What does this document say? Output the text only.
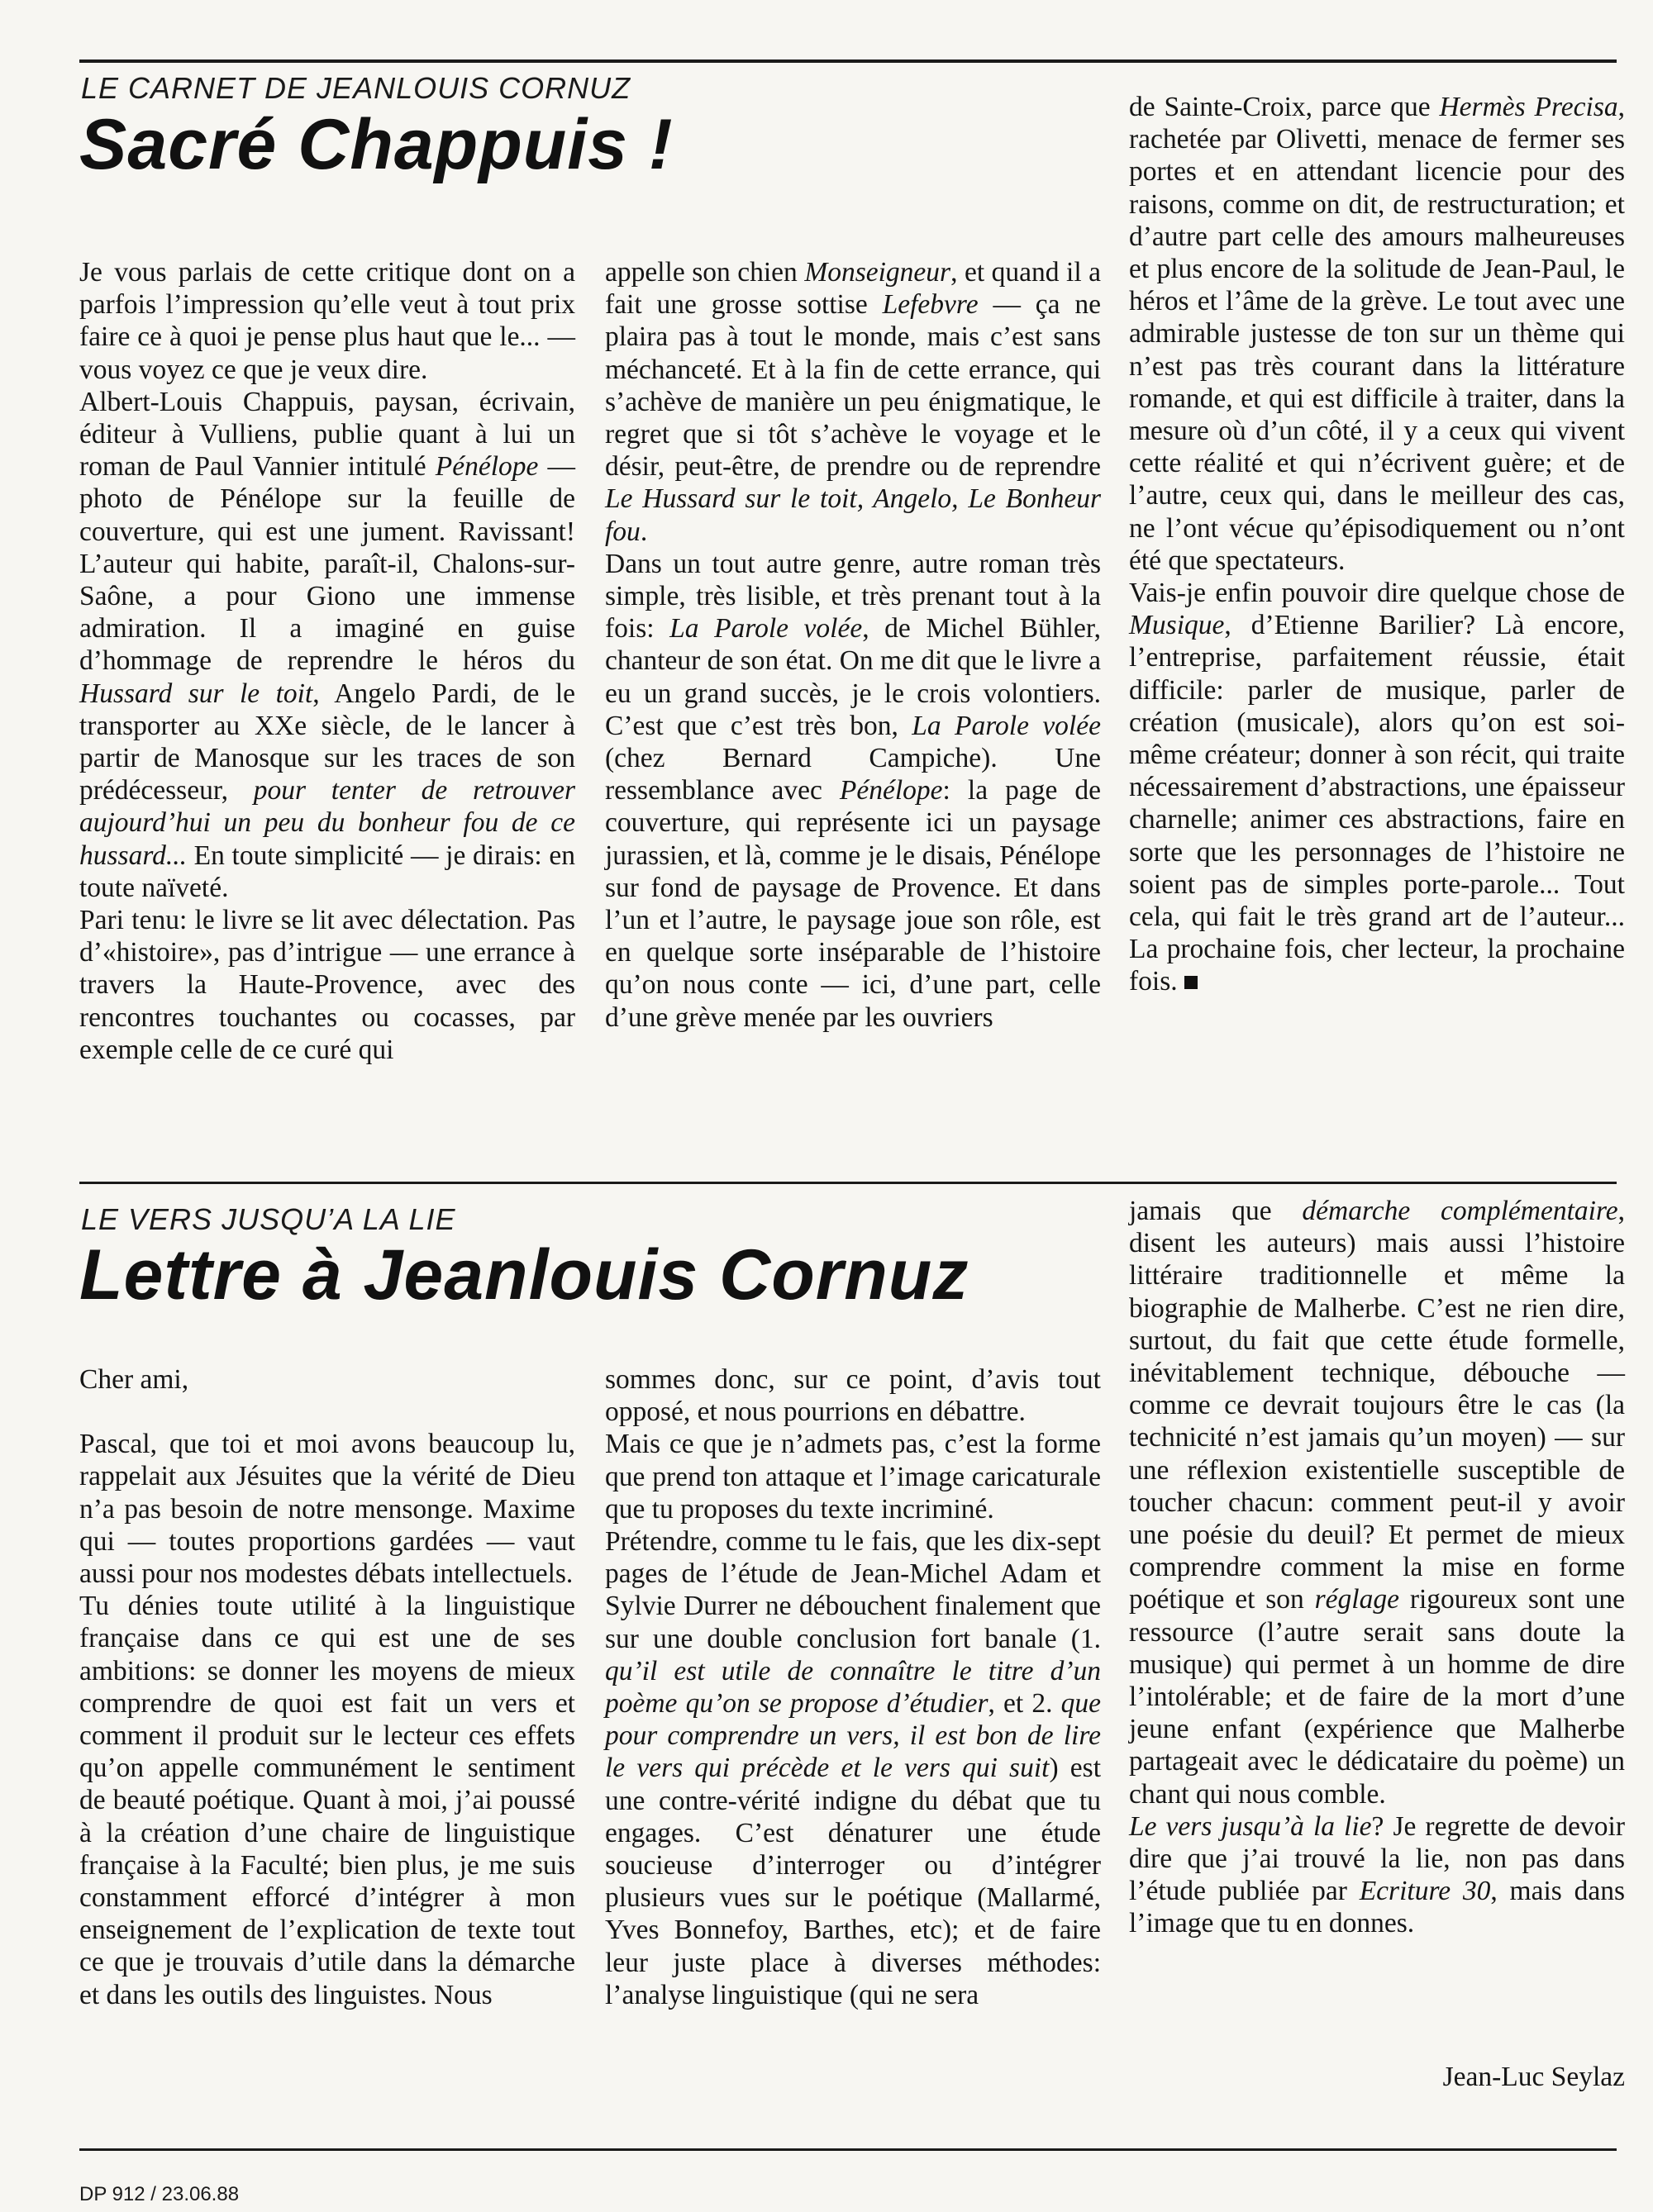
LE CARNET DE JEANLOUIS CORNUZ
Sacré Chappuis !

Je vous parlais de cette critique dont on a parfois l’impression qu’elle veut à tout prix faire ce à quoi je pense plus haut que le... — vous voyez ce que je veux dire.

Albert-Louis Chappuis, paysan, écrivain, éditeur à Vulliens, publie quant à lui un roman de Paul Vannier intitulé Pénélope — photo de Pénélope sur la feuille de couverture, qui est une jument. Ravissant! L’auteur qui habite, paraît-il, Chalons-sur-Saône, a pour Giono une immense admiration. Il a imaginé en guise d’hommage de reprendre le héros du Hussard sur le toit, Angelo Pardi, de le transporter au XXe siècle, de le lancer à partir de Manosque sur les traces de son prédécesseur, pour tenter de retrouver aujourd’hui un peu du bonheur fou de ce hussard... En toute simplicité — je dirais: en toute naïveté.

Pari tenu: le livre se lit avec délectation. Pas d’«histoire», pas d’intrigue — une errance à travers la Haute-Provence, avec des rencontres touchantes ou cocasses, par exemple celle de ce curé qui

appelle son chien Monseigneur, et quand il a fait une grosse sottise Lefebvre — ça ne plaira pas à tout le monde, mais c’est sans méchanceté. Et à la fin de cette errance, qui s’achève de manière un peu énigmatique, le regret que si tôt s’achève le voyage et le désir, peut-être, de prendre ou de reprendre Le Hussard sur le toit, Angelo, Le Bonheur fou.

Dans un tout autre genre, autre roman très simple, très lisible, et très prenant tout à la fois: La Parole volée, de Michel Bühler, chanteur de son état. On me dit que le livre a eu un grand succès, je le crois volontiers. C’est que c’est très bon, La Parole volée (chez Bernard Campiche). Une ressemblance avec Pénélope: la page de couverture, qui représente ici un paysage jurassien, et là, comme je le disais, Pénélope sur fond de paysage de Provence. Et dans l’un et l’autre, le paysage joue son rôle, est en quelque sorte inséparable de l’histoire qu’on nous conte — ici, d’une part, celle d’une grève menée par les ouvriers

de Sainte-Croix, parce que Hermès Precisa, rachetée par Olivetti, menace de fermer ses portes et en attendant licencie pour des raisons, comme on dit, de restructuration; et d’autre part celle des amours malheureuses et plus encore de la solitude de Jean-Paul, le héros et l’âme de la grève. Le tout avec une admirable justesse de ton sur un thème qui n’est pas très courant dans la littérature romande, et qui est difficile à traiter, dans la mesure où d’un côté, il y a ceux qui vivent cette réalité et qui n’écrivent guère; et de l’autre, ceux qui, dans le meilleur des cas, ne l’ont vécue qu’épisodiquement ou n’ont été que spectateurs.

Vais-je enfin pouvoir dire quelque chose de Musique, d’Etienne Barilier? Là encore, l’entreprise, parfaitement réussie, était difficile: parler de musique, parler de création (musicale), alors qu’on est soi-même créateur; donner à son récit, qui traite nécessairement d’abstractions, une épaisseur charnelle; animer ces abstractions, faire en sorte que les personnages de l’histoire ne soient pas de simples porte-parole... Tout cela, qui fait le très grand art de l’auteur... La prochaine fois, cher lecteur, la prochaine fois.

LE VERS JUSQU’A LA LIE
Lettre à Jeanlouis Cornuz

Cher ami,

Pascal, que toi et moi avons beaucoup lu, rappelait aux Jésuites que la vérité de Dieu n’a pas besoin de notre mensonge. Maxime qui — toutes proportions gardées — vaut aussi pour nos modestes débats intellectuels.

Tu dénies toute utilité à la linguistique française dans ce qui est une de ses ambitions: se donner les moyens de mieux comprendre de quoi est fait un vers et comment il produit sur le lecteur ces effets qu’on appelle communément le sentiment de beauté poétique. Quant à moi, j’ai poussé à la création d’une chaire de linguistique française à la Faculté; bien plus, je me suis constamment efforcé d’intégrer à mon enseignement de l’explication de texte tout ce que je trouvais d’utile dans la démarche et dans les outils des linguistes. Nous

sommes donc, sur ce point, d’avis tout opposé, et nous pourrions en débattre.

Mais ce que je n’admets pas, c’est la forme que prend ton attaque et l’image caricaturale que tu proposes du texte incriminé.

Prétendre, comme tu le fais, que les dix-sept pages de l’étude de Jean-Michel Adam et Sylvie Durrer ne débouchent finalement que sur une double conclusion fort banale (1. qu’il est utile de connaître le titre d’un poème qu’on se propose d’étudier, et 2. que pour comprendre un vers, il est bon de lire le vers qui précède et le vers qui suit) est une contre-vérité indigne du débat que tu engages. C’est dénaturer une étude soucieuse d’interroger ou d’intégrer plusieurs vues sur le poétique (Mallarmé, Yves Bonnefoy, Barthes, etc); et de faire leur juste place à diverses méthodes: l’analyse linguistique (qui ne sera

jamais que démarche complémentaire, disent les auteurs) mais aussi l’histoire littéraire traditionnelle et même la biographie de Malherbe. C’est ne rien dire, surtout, du fait que cette étude formelle, inévitablement technique, débouche — comme ce devrait toujours être le cas (la technicité n’est jamais qu’un moyen) — sur une réflexion existentielle susceptible de toucher chacun: comment peut-il y avoir une poésie du deuil? Et permet de mieux comprendre comment la mise en forme poétique et son réglage rigoureux sont une ressource (l’autre serait sans doute la musique) qui permet à un homme de dire l’intolérable; et de faire de la mort d’une jeune enfant (expérience que Malherbe partageait avec le dédicataire du poème) un chant qui nous comble.

Le vers jusqu’à la lie? Je regrette de devoir dire que j’ai trouvé la lie, non pas dans l’étude publiée par Ecriture 30, mais dans l’image que tu en donnes.

Jean-Luc Seylaz

DP 912 / 23.06.88
